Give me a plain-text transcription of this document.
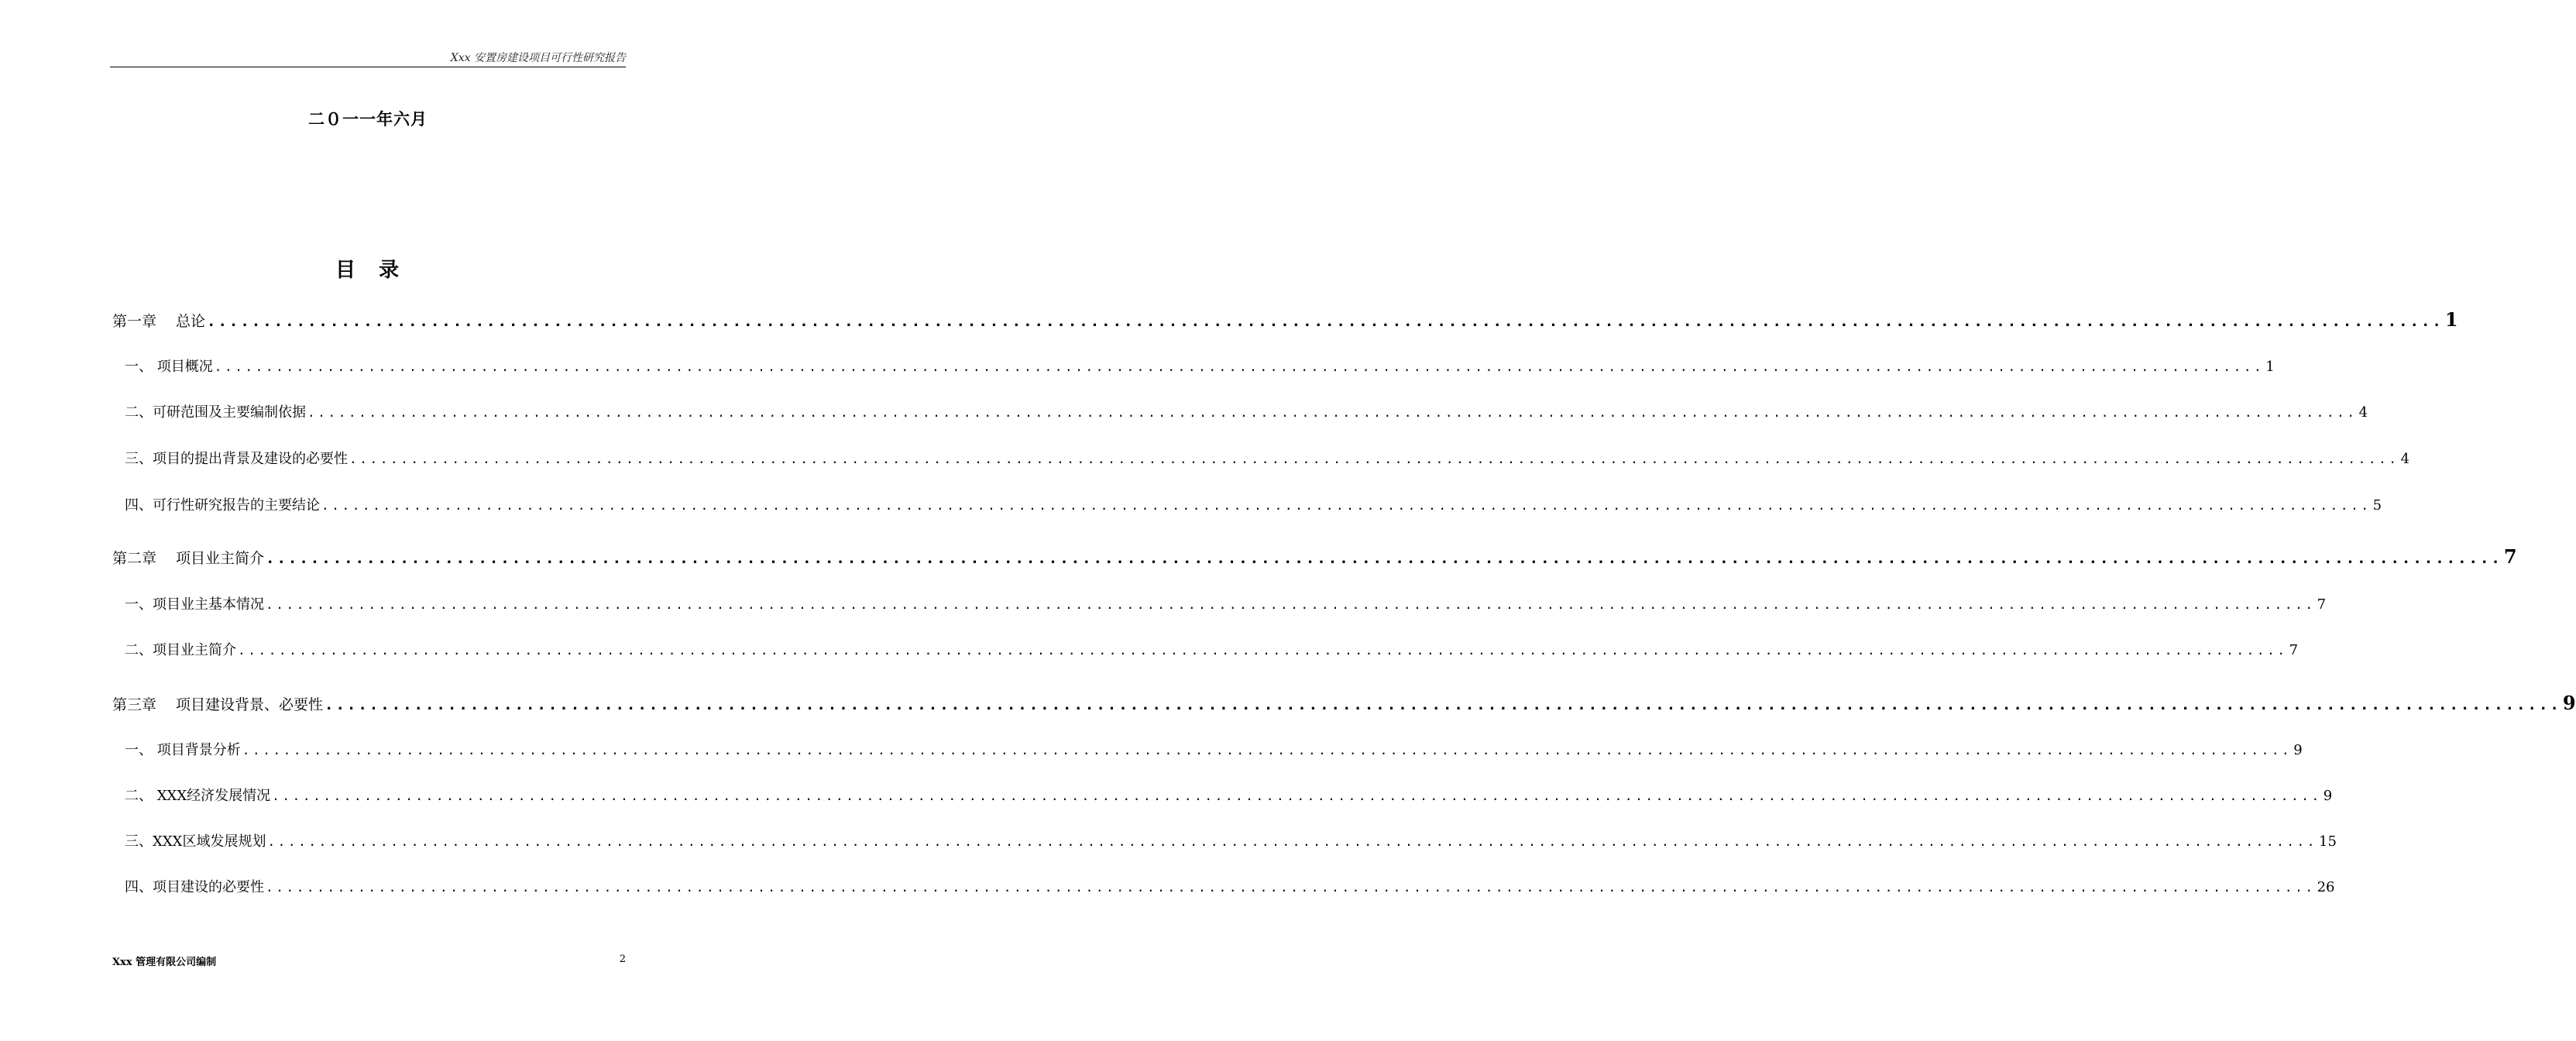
Xxx 安置房建设项目可行性研究报告
二０一一年六月
目　录
第一章　 总论 ........................................................................................................................................................................................................ 1
一、 项目概况 ........................................................................................................................................................................................................ 1
二、可研范围及主要编制依据 ........................................................................................................................................................................................................ 4
三、项目的提出背景及建设的必要性 ........................................................................................................................................................................................................ 4
四、可行性研究报告的主要结论 ........................................................................................................................................................................................................ 5
第二章　 项目业主简介 ........................................................................................................................................................................................................ 7
一、项目业主基本情况 ........................................................................................................................................................................................................ 7
二、项目业主简介 ........................................................................................................................................................................................................ 7
第三章　 项目建设背景、必要性 ........................................................................................................................................................................................................ 9
一、 项目背景分析 ........................................................................................................................................................................................................ 9
二、 XXX经济发展情况 ........................................................................................................................................................................................................ 9
三、XXX区域发展规划 ........................................................................................................................................................................................................ 15
四、项目建设的必要性 ........................................................................................................................................................................................................ 26
Xxx 管理有限公司编制	2
